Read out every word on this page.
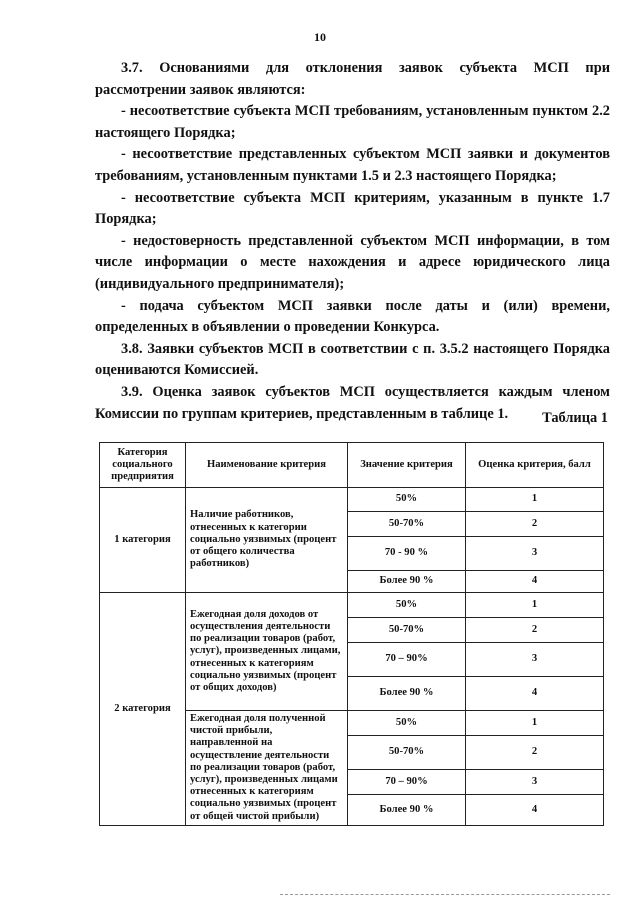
10

3.7. Основаниями для отклонения заявок субъекта МСП при рассмотрении заявок являются:

- несоответствие субъекта МСП требованиям, установленным пунктом 2.2 настоящего Порядка;

- несоответствие представленных субъектом МСП заявки и документов требованиям, установленным пунктами 1.5 и 2.3 настоящего Порядка;

- несоответствие субъекта МСП критериям, указанным в пункте 1.7 Порядка;

- недостоверность представленной субъектом МСП информации, в том числе информации о месте нахождения и адресе юридического лица (индивидуального предпринимателя);

- подача субъектом МСП заявки после даты и (или) времени, определенных в объявлении о проведении Конкурса.

3.8. Заявки субъектов МСП в соответствии с п. 3.5.2 настоящего Порядка оцениваются Комиссией.

3.9. Оценка заявок субъектов МСП осуществляется каждым членом Комиссии по группам критериев, представленным в таблице 1.	Таблица 1
Категория социального предприятия	Наименование критерия	Значение критерия	Оценка критерия, балл
1 категория	Наличие работников, отнесенных к категории социально уязвимых (процент от общего количества работников)	50%	1
		50-70%	2
		70 - 90 %	3
		Более 90 %	4
2 категория	Ежегодная доля доходов от осуществления деятельности по реализации товаров (работ, услуг), произведенных лицами, отнесенных к категориям социально уязвимых (процент от общих доходов)	50%	1
		50-70%	2
		70 – 90%	3
		Более 90 %	4
	Ежегодная доля полученной чистой прибыли, направленной на осуществление деятельности по реализации товаров (работ, услуг), произведенных лицами отнесенных к категориям социально уязвимых (процент от общей чистой прибыли)	50%	1
		50-70%	2
		70 – 90%	3
		Более 90 %	4
